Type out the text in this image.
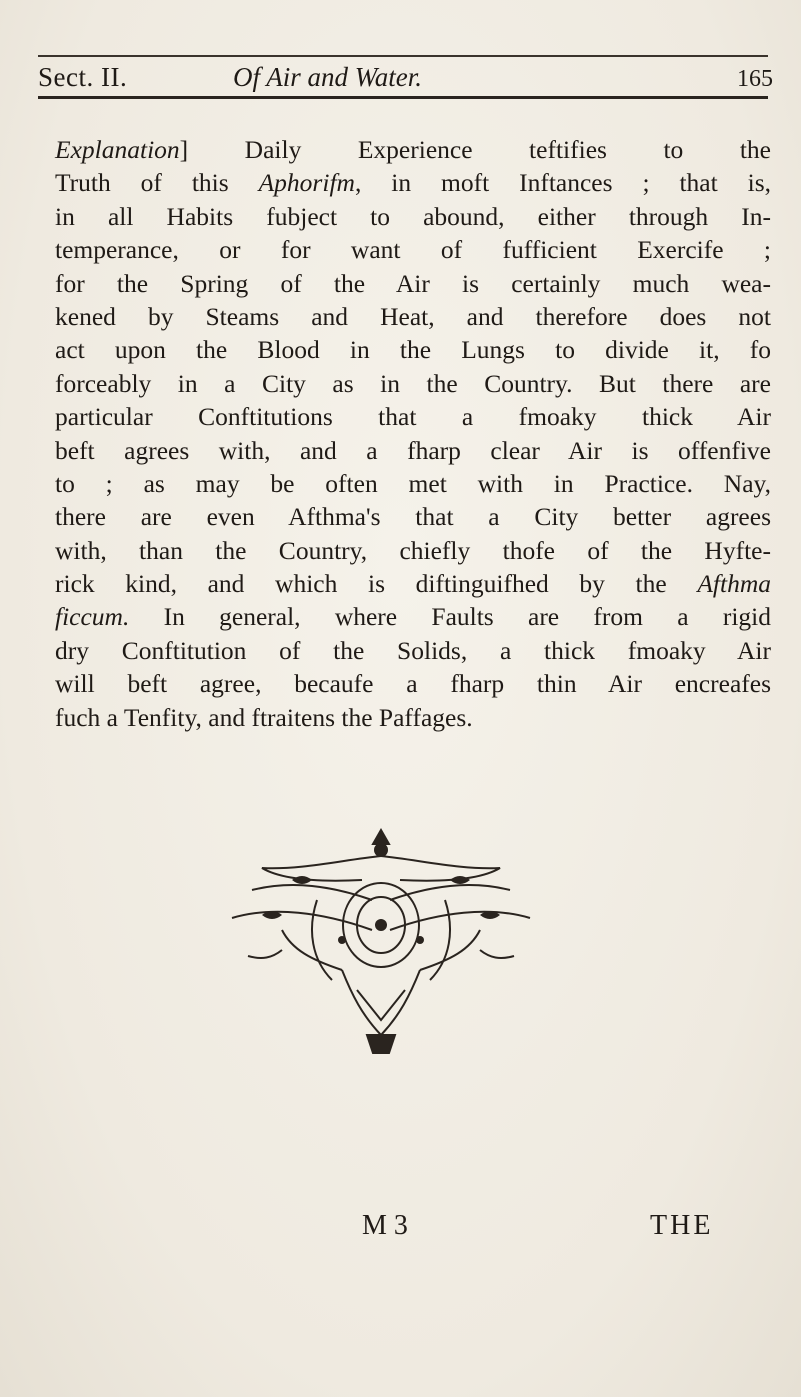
Sect. II.	Of Air and Water.	165
Explanation] Daily Experience teftifies to the
Truth of this Aphorifm, in moft Inftances ; that is,
in all Habits fubject to abound, either through In-
temperance, or for want of fufficient Exercife ;
for the Spring of the Air is certainly much wea-
kened by Steams and Heat, and therefore does not
act upon the Blood in the Lungs to divide it, fo
forceably in a City as in the Country. But there are
particular Conftitutions that a fmoaky thick Air
beft agrees with, and a fharp clear Air is offenfive
to ; as may be often met with in Practice. Nay,
there are even Afthma's that a City better agrees
with, than the Country, chiefly thofe of the Hyfte-
rick kind, and which is diftinguifhed by the Afthma
ficcum. In general, where Faults are from a rigid
dry Conftitution of the Solids, a thick fmoaky Air
will beft agree, becaufe a fharp thin Air encreafes
fuch a Tenfity, and ftraitens the Paffages.
M 3	THE
